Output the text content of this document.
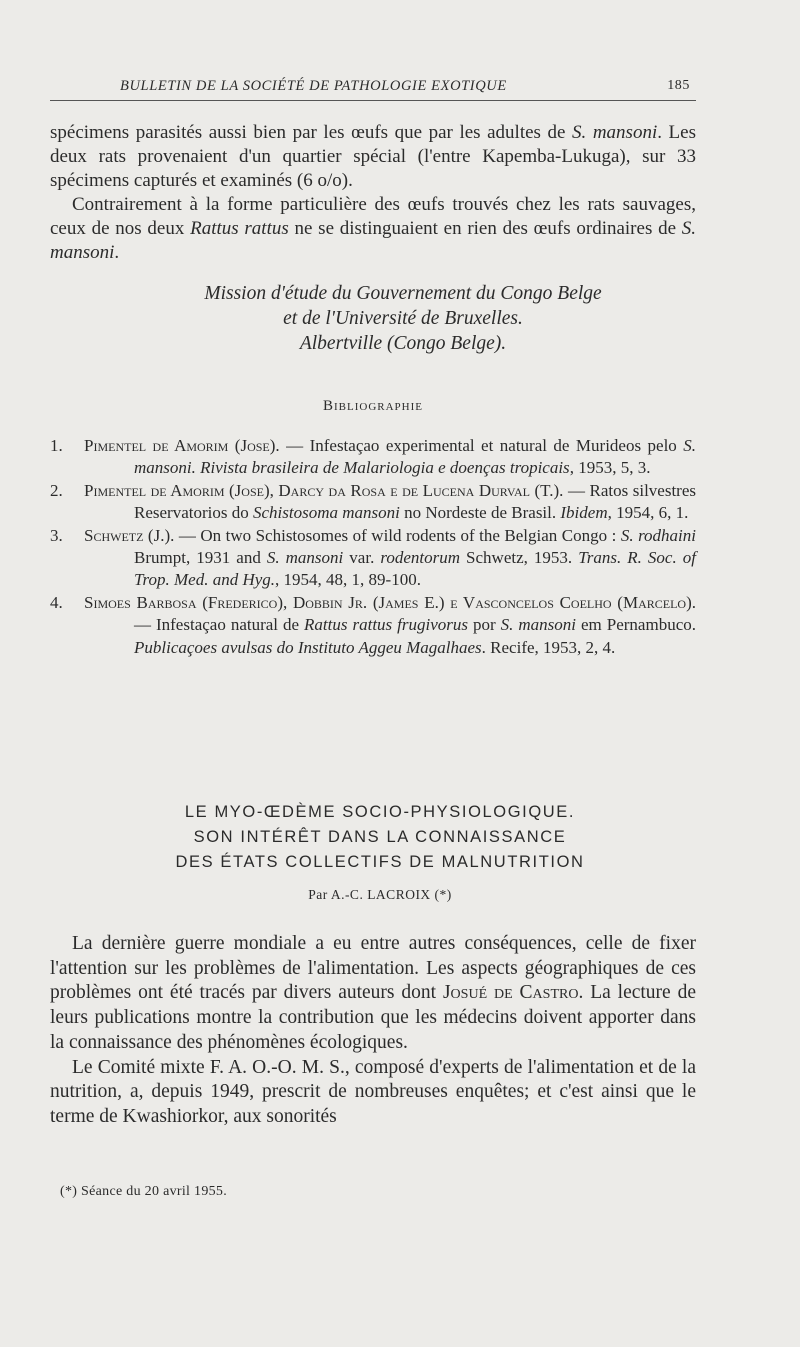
BULLETIN DE LA SOCIÉTÉ DE PATHOLOGIE EXOTIQUE	185

spécimens parasités aussi bien par les œufs que par les adultes de S. mansoni. Les deux rats provenaient d'un quartier spécial (l'entre Kapemba-Lukuga), sur 33 spécimens capturés et examinés (6 o/o).

Contrairement à la forme particulière des œufs trouvés chez les rats sauvages, ceux de nos deux Rattus rattus ne se distinguaient en rien des œufs ordinaires de S. mansoni.

Mission d'étude du Gouvernement du Congo Belge
et de l'Université de Bruxelles.
Albertville (Congo Belge).
Bibliographie
1. Pimentel de Amorim (Jose). — Infestaçao experimental et natural de Murideos pelo S. mansoni. Rivista brasileira de Malariologia e doenças tropicais, 1953, 5, 3.
2. Pimentel de Amorim (Jose), Darcy da Rosa e de Lucena Durval (T.). — Ratos silvestres Reservatorios do Schistosoma mansoni no Nordeste de Brasil. Ibidem, 1954, 6, 1.
3. Schwetz (J.). — On two Schistosomes of wild rodents of the Belgian Congo : S. rodhaini Brumpt, 1931 and S. mansoni var. rodentorum Schwetz, 1953. Trans. R. Soc. of Trop. Med. and Hyg., 1954, 48, 1, 89-100.
4. Simoes Barbosa (Frederico), Dobbin Jr. (James E.) e Vasconcelos Coelho (Marcelo). — Infestaçao natural de Rattus rattus frugivorus por S. mansoni em Pernambuco. Publicaçoes avulsas do Instituto Aggeu Magalhaes. Recife, 1953, 2, 4.
LE MYO-ŒDÈME SOCIO-PHYSIOLOGIQUE.
SON INTÉRÊT DANS LA CONNAISSANCE
DES ÉTATS COLLECTIFS DE MALNUTRITION
Par A.-C. LACROIX (*)

La dernière guerre mondiale a eu entre autres conséquences, celle de fixer l'attention sur les problèmes de l'alimentation. Les aspects géographiques de ces problèmes ont été tracés par divers auteurs dont Josué de Castro. La lecture de leurs publications montre la contribution que les médecins doivent apporter dans la connaissance des phénomènes écologiques.

Le Comité mixte F. A. O.-O. M. S., composé d'experts de l'alimentation et de la nutrition, a, depuis 1949, prescrit de nombreuses enquêtes; et c'est ainsi que le terme de Kwashiorkor, aux sonorités

(*) Séance du 20 avril 1955.
